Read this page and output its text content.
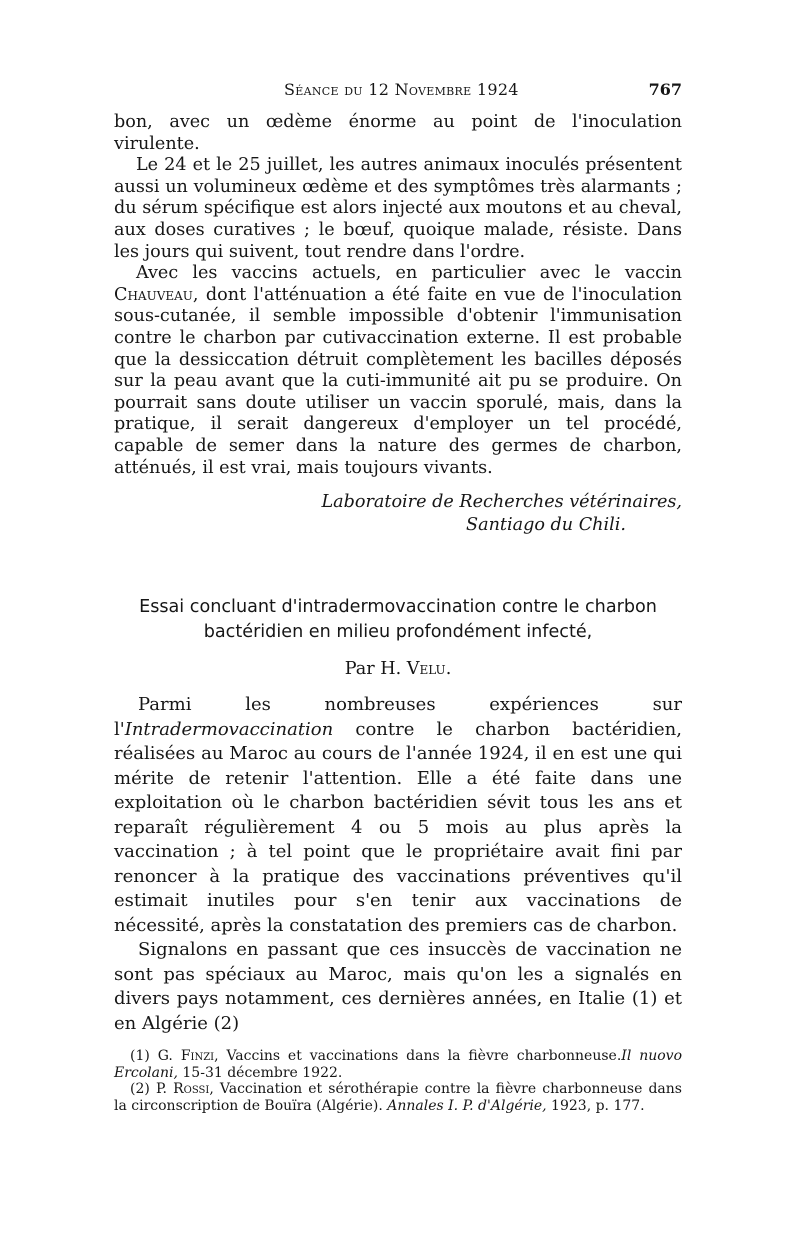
Séance du 12 Novembre 1924	767

bon, avec un œdème énorme au point de l'inoculation virulente.

Le 24 et le 25 juillet, les autres animaux inoculés présentent aussi un volumineux œdème et des symptômes très alarmants ; du sérum spécifique est alors injecté aux moutons et au cheval, aux doses curatives ; le bœuf, quoique malade, résiste. Dans les jours qui suivent, tout rendre dans l'ordre.

Avec les vaccins actuels, en particulier avec le vaccin Chauveau, dont l'atténuation a été faite en vue de l'inoculation sous-cutanée, il semble impossible d'obtenir l'immunisation contre le charbon par cutivaccination externe. Il est probable que la dessiccation détruit complètement les bacilles déposés sur la peau avant que la cuti-immunité ait pu se produire. On pourrait sans doute utiliser un vaccin sporulé, mais, dans la pratique, il serait dangereux d'employer un tel procédé, capable de semer dans la nature des germes de charbon, atténués, il est vrai, mais toujours vivants.

Laboratoire de Recherches vétérinaires,
Santiago du Chili.
Essai concluant d'intradermovaccination contre le charbon
bactéridien en milieu profondément infecté,
Par H. Velu.

Parmi les nombreuses expériences sur l'Intradermovaccination contre le charbon bactéridien, réalisées au Maroc au cours de l'année 1924, il en est une qui mérite de retenir l'attention. Elle a été faite dans une exploitation où le charbon bactéridien sévit tous les ans et reparaît régulièrement 4 ou 5 mois au plus après la vaccination ; à tel point que le propriétaire avait fini par renoncer à la pratique des vaccinations préventives qu'il estimait inutiles pour s'en tenir aux vaccinations de nécessité, après la constatation des premiers cas de charbon.

Signalons en passant que ces insuccès de vaccination ne sont pas spéciaux au Maroc, mais qu'on les a signalés en divers pays notamment, ces dernières années, en Italie (1) et en Algérie (2)

(1) G. Finzi, Vaccins et vaccinations dans la fièvre charbonneuse.Il nuovo Ercolani, 15-31 décembre 1922.

(2) P. Rossi, Vaccination et sérothérapie contre la fièvre charbonneuse dans la circonscription de Bouïra (Algérie). Annales I. P. d'Algérie, 1923, p. 177.
